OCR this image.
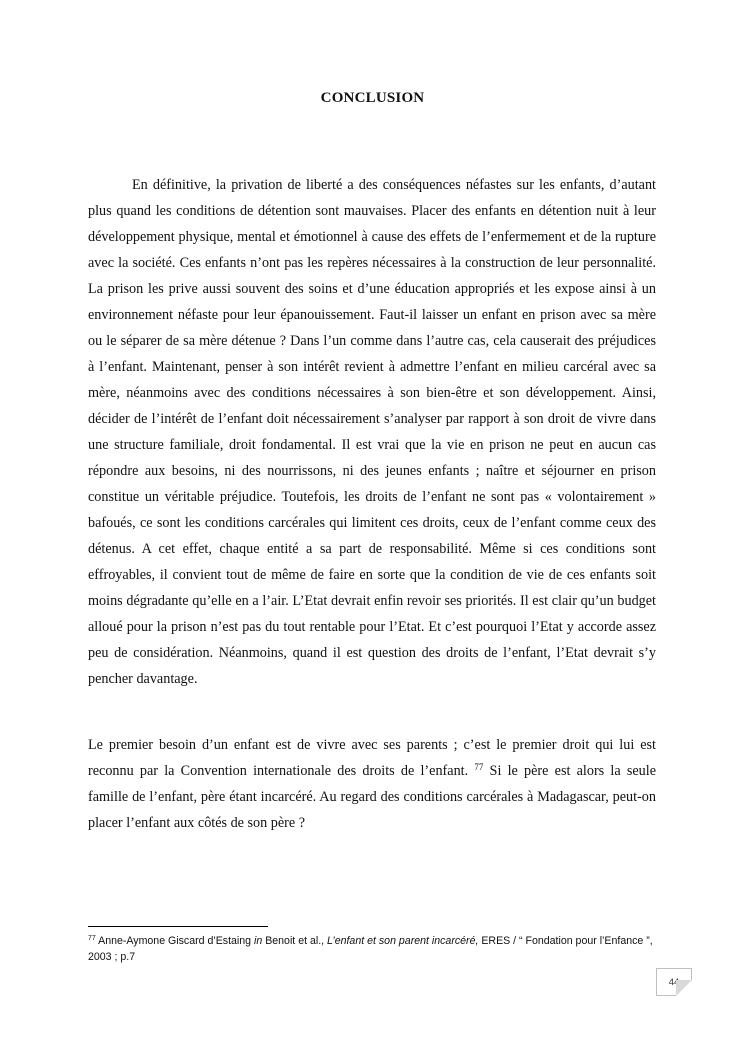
CONCLUSION

En définitive, la privation de liberté a des conséquences néfastes sur les enfants, d’autant plus quand les conditions de détention sont mauvaises. Placer des enfants en détention nuit à leur développement physique, mental et émotionnel à cause des effets de l’enfermement et de la rupture avec la société. Ces enfants n’ont pas les repères nécessaires à la construction de leur personnalité. La prison les prive aussi souvent des soins et d’une éducation appropriés et les expose ainsi à un environnement néfaste pour leur épanouissement. Faut-il laisser un enfant en prison avec sa mère ou le séparer de sa mère détenue ? Dans l’un comme dans l’autre cas, cela causerait des préjudices à l’enfant. Maintenant, penser à son intérêt revient à admettre l’enfant en milieu carcéral avec sa mère, néanmoins avec des conditions nécessaires à son bien-être et son développement. Ainsi, décider de l’intérêt de l’enfant doit nécessairement s’analyser par rapport à son droit de vivre dans une structure familiale, droit fondamental. Il est vrai que la vie en prison ne peut en aucun cas répondre aux besoins, ni des nourrissons, ni des jeunes enfants ; naître et séjourner en prison constitue un véritable préjudice. Toutefois, les droits de l’enfant ne sont pas « volontairement » bafoués, ce sont les conditions carcérales qui limitent ces droits, ceux de l’enfant comme ceux des détenus. A cet effet, chaque entité a sa part de responsabilité. Même si ces conditions sont effroyables, il convient tout de même de faire en sorte que la condition de vie de ces enfants soit moins dégradante qu’elle en a l’air. L’Etat devrait enfin revoir ses priorités. Il est clair qu’un budget alloué pour la prison n’est pas du tout rentable pour l’Etat. Et c’est pourquoi l’Etat y accorde assez peu de considération. Néanmoins, quand il est question des droits de l’enfant, l’Etat devrait s’y pencher davantage.

Le premier besoin d’un enfant est de vivre avec ses parents ; c’est le premier droit qui lui est reconnu par la Convention internationale des droits de l’enfant. $^{77}$ Si le père est alors la seule famille de l’enfant, père étant incarcéré. Au regard des conditions carcérales à Madagascar, peut-on placer l’enfant aux côtés de son père ?

$^{77}$ Anne-Aymone Giscard d’Estaing in Benoit et al., L’enfant et son parent incarcéré, ERES / “ Fondation pour l’Enfance ”, 2003 ; p.7
44
